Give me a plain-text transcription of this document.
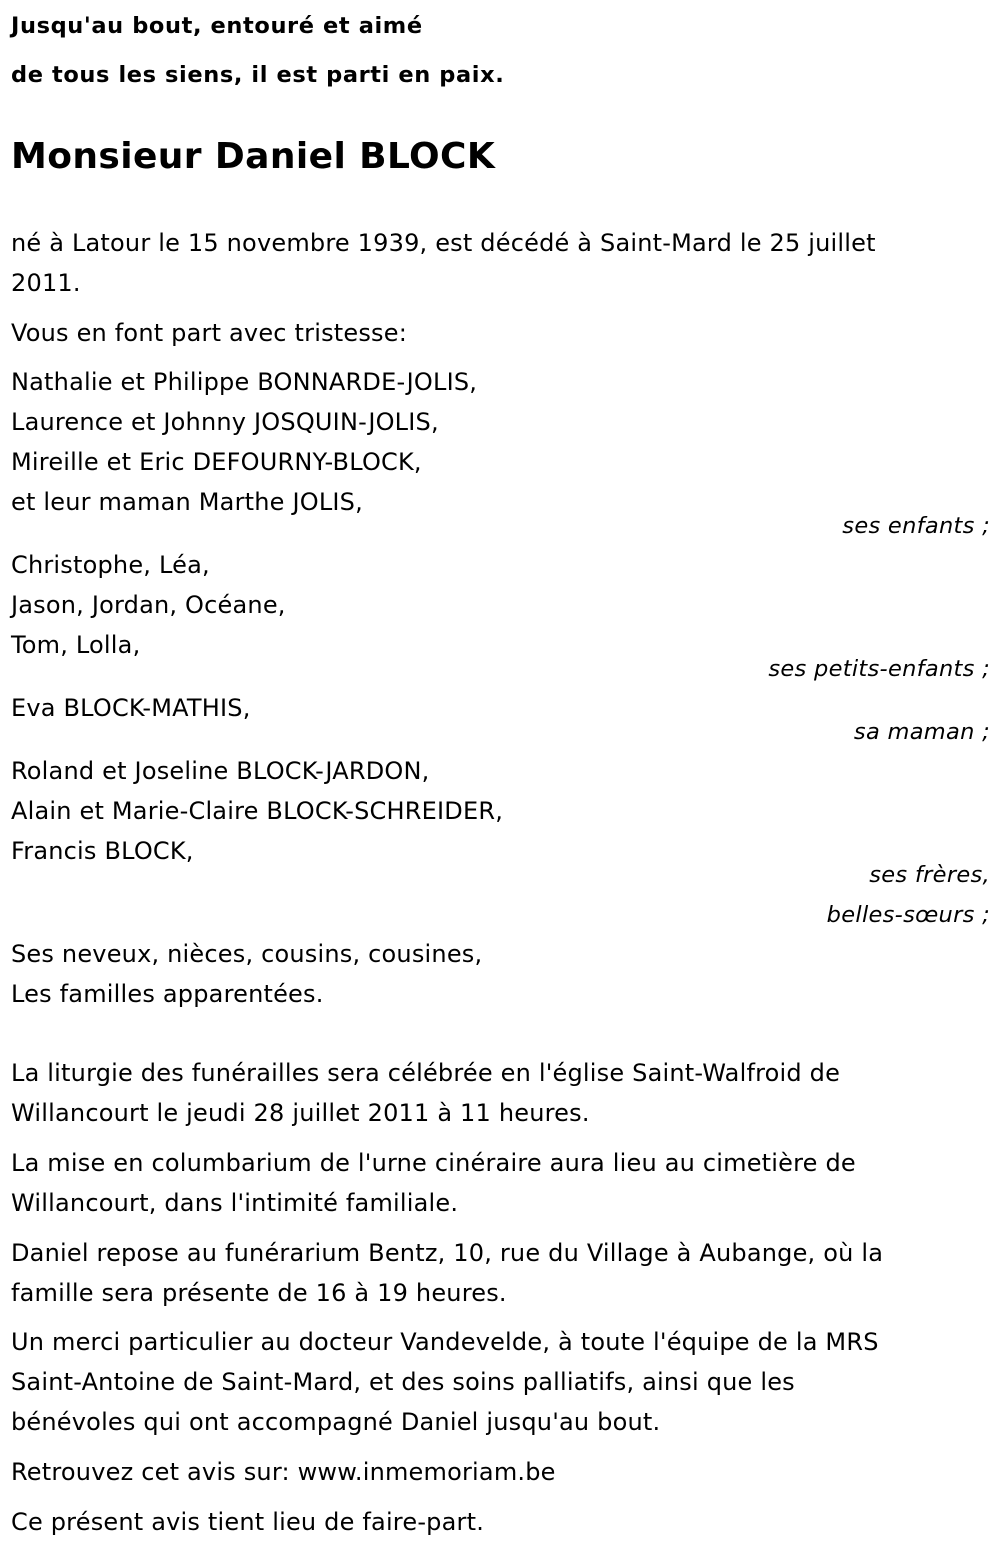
Jusqu'au bout, entouré et aimé
de tous les siens, il est parti en paix.
Monsieur Daniel BLOCK
né à Latour le 15 novembre 1939, est décédé à Saint-Mard le 25 juillet
2011.
Vous en font part avec tristesse:
Nathalie et Philippe BONNARDE-JOLIS,
Laurence et Johnny JOSQUIN-JOLIS,
Mireille et Eric DEFOURNY-BLOCK,
et leur maman Marthe JOLIS,
ses enfants ;
Christophe, Léa,
Jason, Jordan, Océane,
Tom, Lolla,
ses petits-enfants ;
Eva BLOCK-MATHIS,
sa maman ;
Roland et Joseline BLOCK-JARDON,
Alain et Marie-Claire BLOCK-SCHREIDER,
Francis BLOCK,
ses frères,
belles-sœurs ;
Ses neveux, nièces, cousins, cousines,
Les familles apparentées.
La liturgie des funérailles sera célébrée en l'église Saint-Walfroid de
Willancourt le jeudi 28 juillet 2011 à 11 heures.
La mise en columbarium de l'urne cinéraire aura lieu au cimetière de
Willancourt, dans l'intimité familiale.
Daniel repose au funérarium Bentz, 10, rue du Village à Aubange, où la
famille sera présente de 16 à 19 heures.
Un merci particulier au docteur Vandevelde, à toute l'équipe de la MRS
Saint-Antoine de Saint-Mard, et des soins palliatifs, ainsi que les
bénévoles qui ont accompagné Daniel jusqu'au bout.
Retrouvez cet avis sur: www.inmemoriam.be
Ce présent avis tient lieu de faire-part.
